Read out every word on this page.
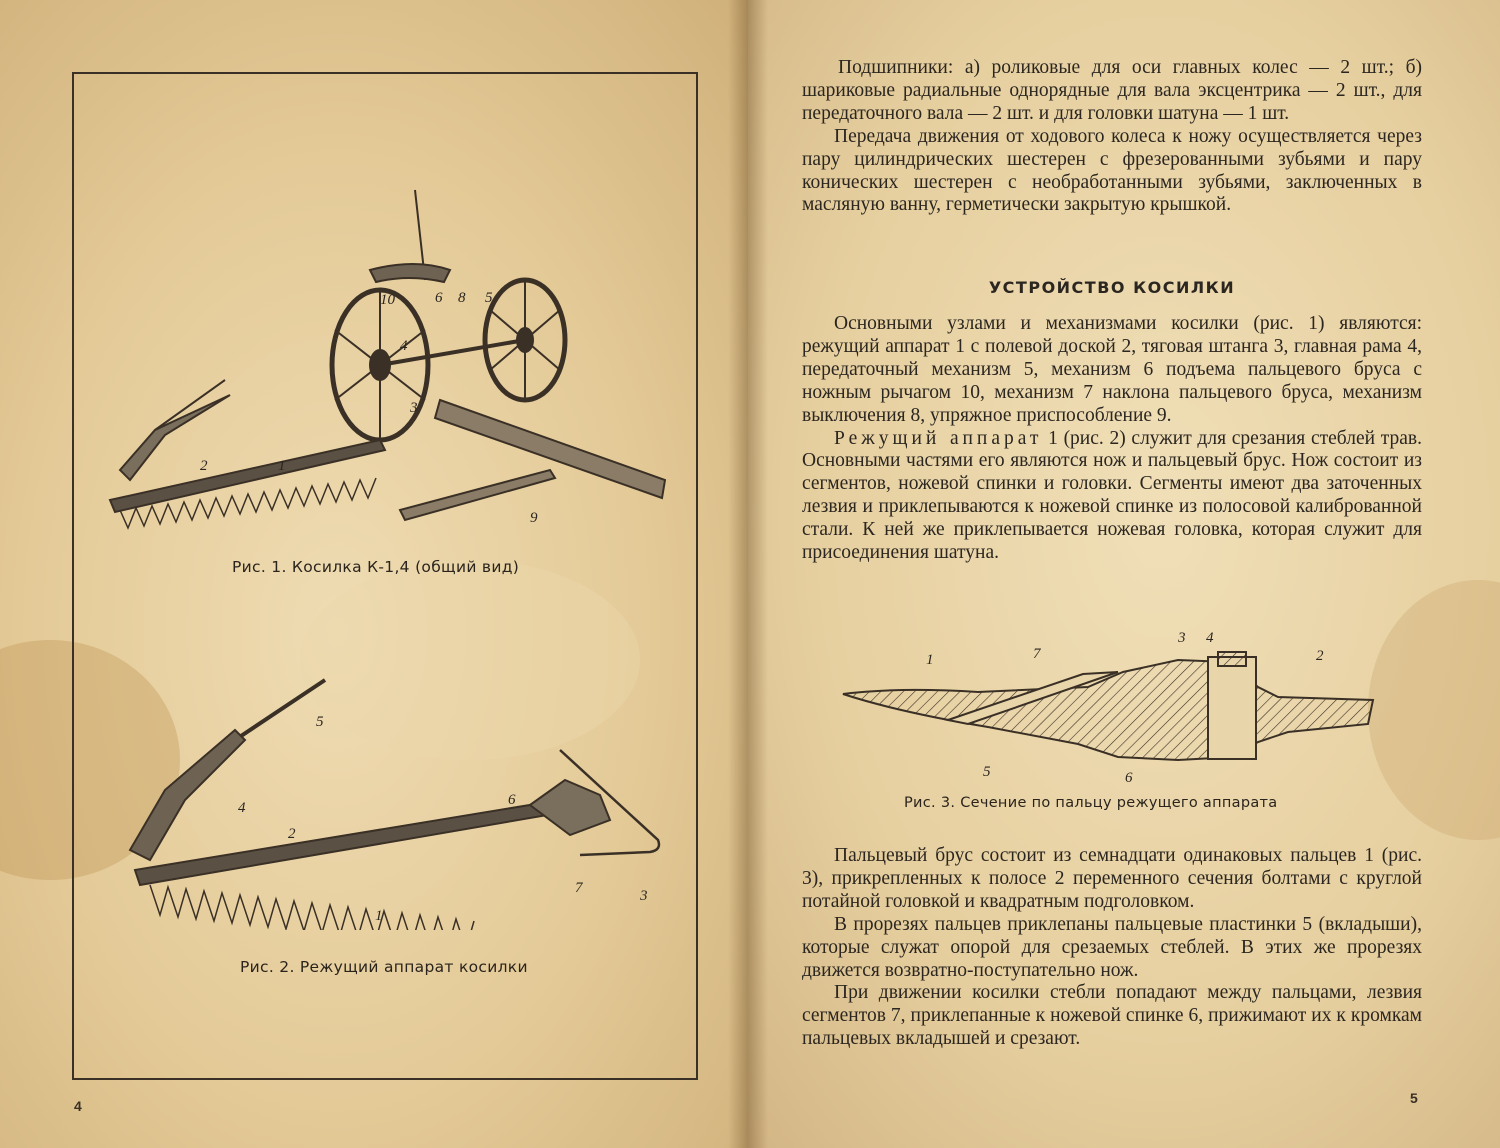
2	1
3
4
5
6 8
9
10
Рис. 1. Косилка К-1,4 (общий вид)
1
2
3
4
5
6
7
Рис. 2. Режущий аппарат косилки
4

Подшипники: а) роликовые для оси главных колес — 2 шт.; б) шариковые радиальные однорядные для вала эксцентрика — 2 шт., для передаточного вала — 2 шт. и для головки шатуна — 1 шт.

Передача движения от ходового колеса к ножу осуществляется через пару цилиндрических шестерен с фрезерованными зубьями и пару конических шестерен с необработанными зубьями, заключенных в масляную ванну, герметически закрытую крышкой.

УСТРОЙСТВО КОСИЛКИ

Основными узлами и механизмами косилки (рис. 1) являются: режущий аппарат 1 с полевой доской 2, тяговая штанга 3, главная рама 4, передаточный механизм 5, механизм 6 подъема пальцевого бруса с ножным рычагом 10, механизм 7 наклона пальцевого бруса, механизм выключения 8, упряжное приспособление 9.

Режущий аппарат 1 (рис. 2) служит для срезания стеблей трав. Основными частями его являются нож и пальцевый брус. Нож состоит из сегментов, ножевой спинки и головки. Сегменты имеют два заточенных лезвия и приклепываются к ножевой спинке из полосовой калиброванной стали. К ней же приклепывается ножевая головка, которая служит для присоединения шатуна.

1	2
3 4
5	6
7
Рис. 3. Сечение по пальцу режущего аппарата

Пальцевый брус состоит из семнадцати одинаковых пальцев 1 (рис. 3), прикрепленных к полосе 2 переменного сечения болтами с круглой потайной головкой и квадратным подголовком.

В прорезях пальцев приклепаны пальцевые пластинки 5 (вкладыши), которые служат опорой для срезаемых стеблей. В этих же прорезях движется возвратно-поступательно нож.

При движении косилки стебли попадают между пальцами, лезвия сегментов 7, приклепанные к ножевой спинке 6, прижимают их к кромкам пальцевых вкладышей и срезают.

5
